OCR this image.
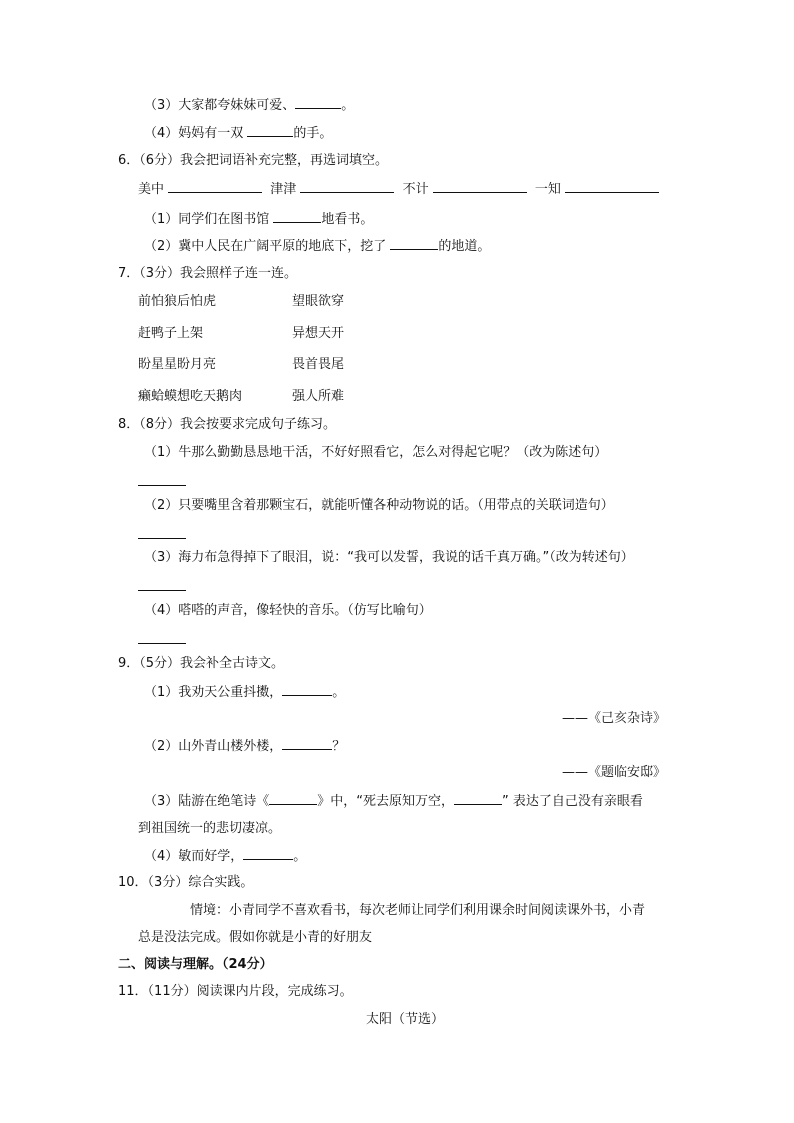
（3）大家都夸妹妹可爱、	。
（4）妈妈有一双	的手。
6．（6分）我会把词语补充完整，再选词填空。
美中	津津	不计	一知
（1）同学们在图书馆	地看书。
（2）冀中人民在广阔平原的地底下，挖了	的地道。
7．（3分）我会照样子连一连。
前怕狼后怕虎	望眼欲穿
赶鸭子上架	异想天开
盼星星盼月亮	畏首畏尾
癞蛤蟆想吃天鹅肉	强人所难
8．（8分）我会按要求完成句子练习。
（1）牛那么勤勤恳恳地干活，不好好照看它，怎么对得起它呢？（改为陈述句）
（2）只要嘴里含着那颗宝石，就能听懂各种动物说的话。（用带点的关联词造句）
（3）海力布急得掉下了眼泪，说：“我可以发誓，我说的话千真万确。”（改为转述句）
（4）嗒嗒的声音，像轻快的音乐。（仿写比喻句）
9．（5分）我会补全古诗文。
（1）我劝天公重抖擞，	。
——《己亥杂诗》
（2）山外青山楼外楼，	？
——《题临安邸》
（3）陆游在绝笔诗《	》中，“死去原知万空，	” 表达了自己没有亲眼看
到祖国统一的悲切凄凉。
（4）敏而好学，	。
10．（3分）综合实践。
情境：小青同学不喜欢看书，每次老师让同学们利用课余时间阅读课外书，小青
总是没法完成。假如你就是小青的好朋友
二、阅读与理解。（24分）
11．（11分）阅读课内片段，完成练习。
太阳（节选）
